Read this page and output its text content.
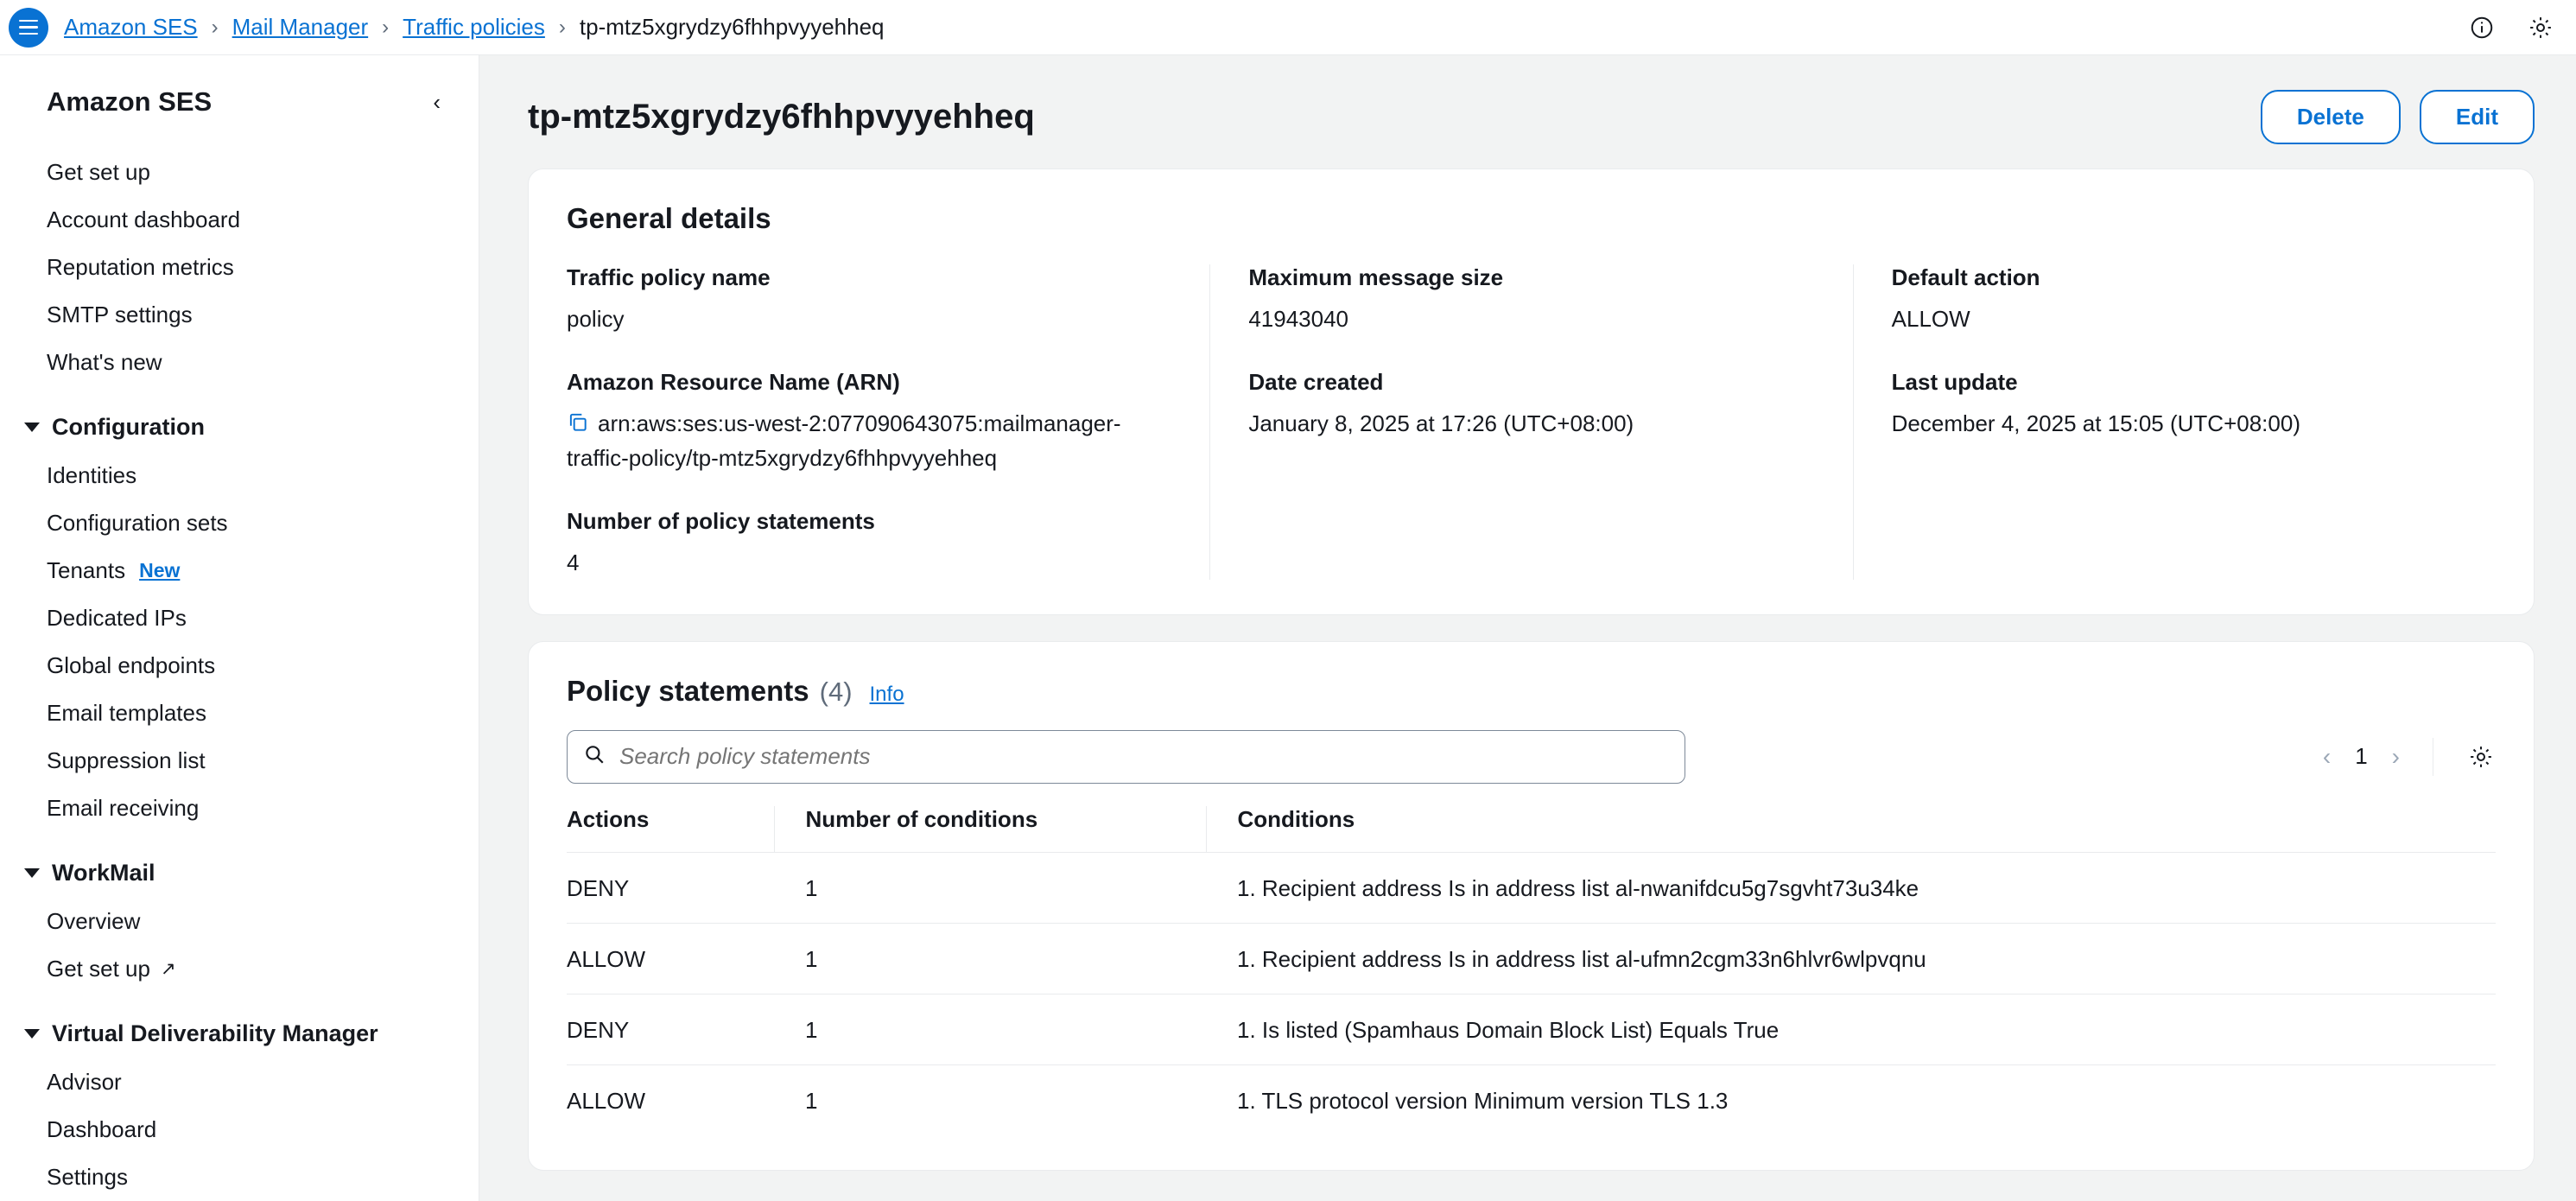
Amazon SES › Mail Manager › Traffic policies › tp-mtz5xgrydzy6fhhpvyyehheq
Amazon SES	‹
Get set up
Account dashboard
Reputation metrics
SMTP settings
What's new
Configuration
Identities
Configuration sets
Tenants New
Dedicated IPs
Global endpoints
Email templates
Suppression list
Email receiving
WorkMail
Overview
Get set up ↗
Virtual Deliverability Manager
Advisor
Dashboard
Settings
tp-mtz5xgrydzy6fhhpvyyehheq	Delete	Edit
General details
Traffic policy name
policy
Amazon Resource Name (ARN)
arn:aws:ses:us-west-2:077090643075:mailmanager-traffic-policy/tp-mtz5xgrydzy6fhhpvyyehheq
Number of policy statements
4
Maximum message size
41943040
Date created
January 8, 2025 at 17:26 (UTC+08:00)
Default action
ALLOW
Last update
December 4, 2025 at 15:05 (UTC+08:00)
Policy statements (4) Info
Search policy statements
‹ 1 ›
Actions	Number of conditions	Conditions
DENY	1	1. Recipient address Is in address list al-nwanifdcu5g7sgvht73u34ke
ALLOW	1	1. Recipient address Is in address list al-ufmn2cgm33n6hlvr6wlpvqnu
DENY	1	1. Is listed (Spamhaus Domain Block List) Equals True
ALLOW	1	1. TLS protocol version Minimum version TLS 1.3
